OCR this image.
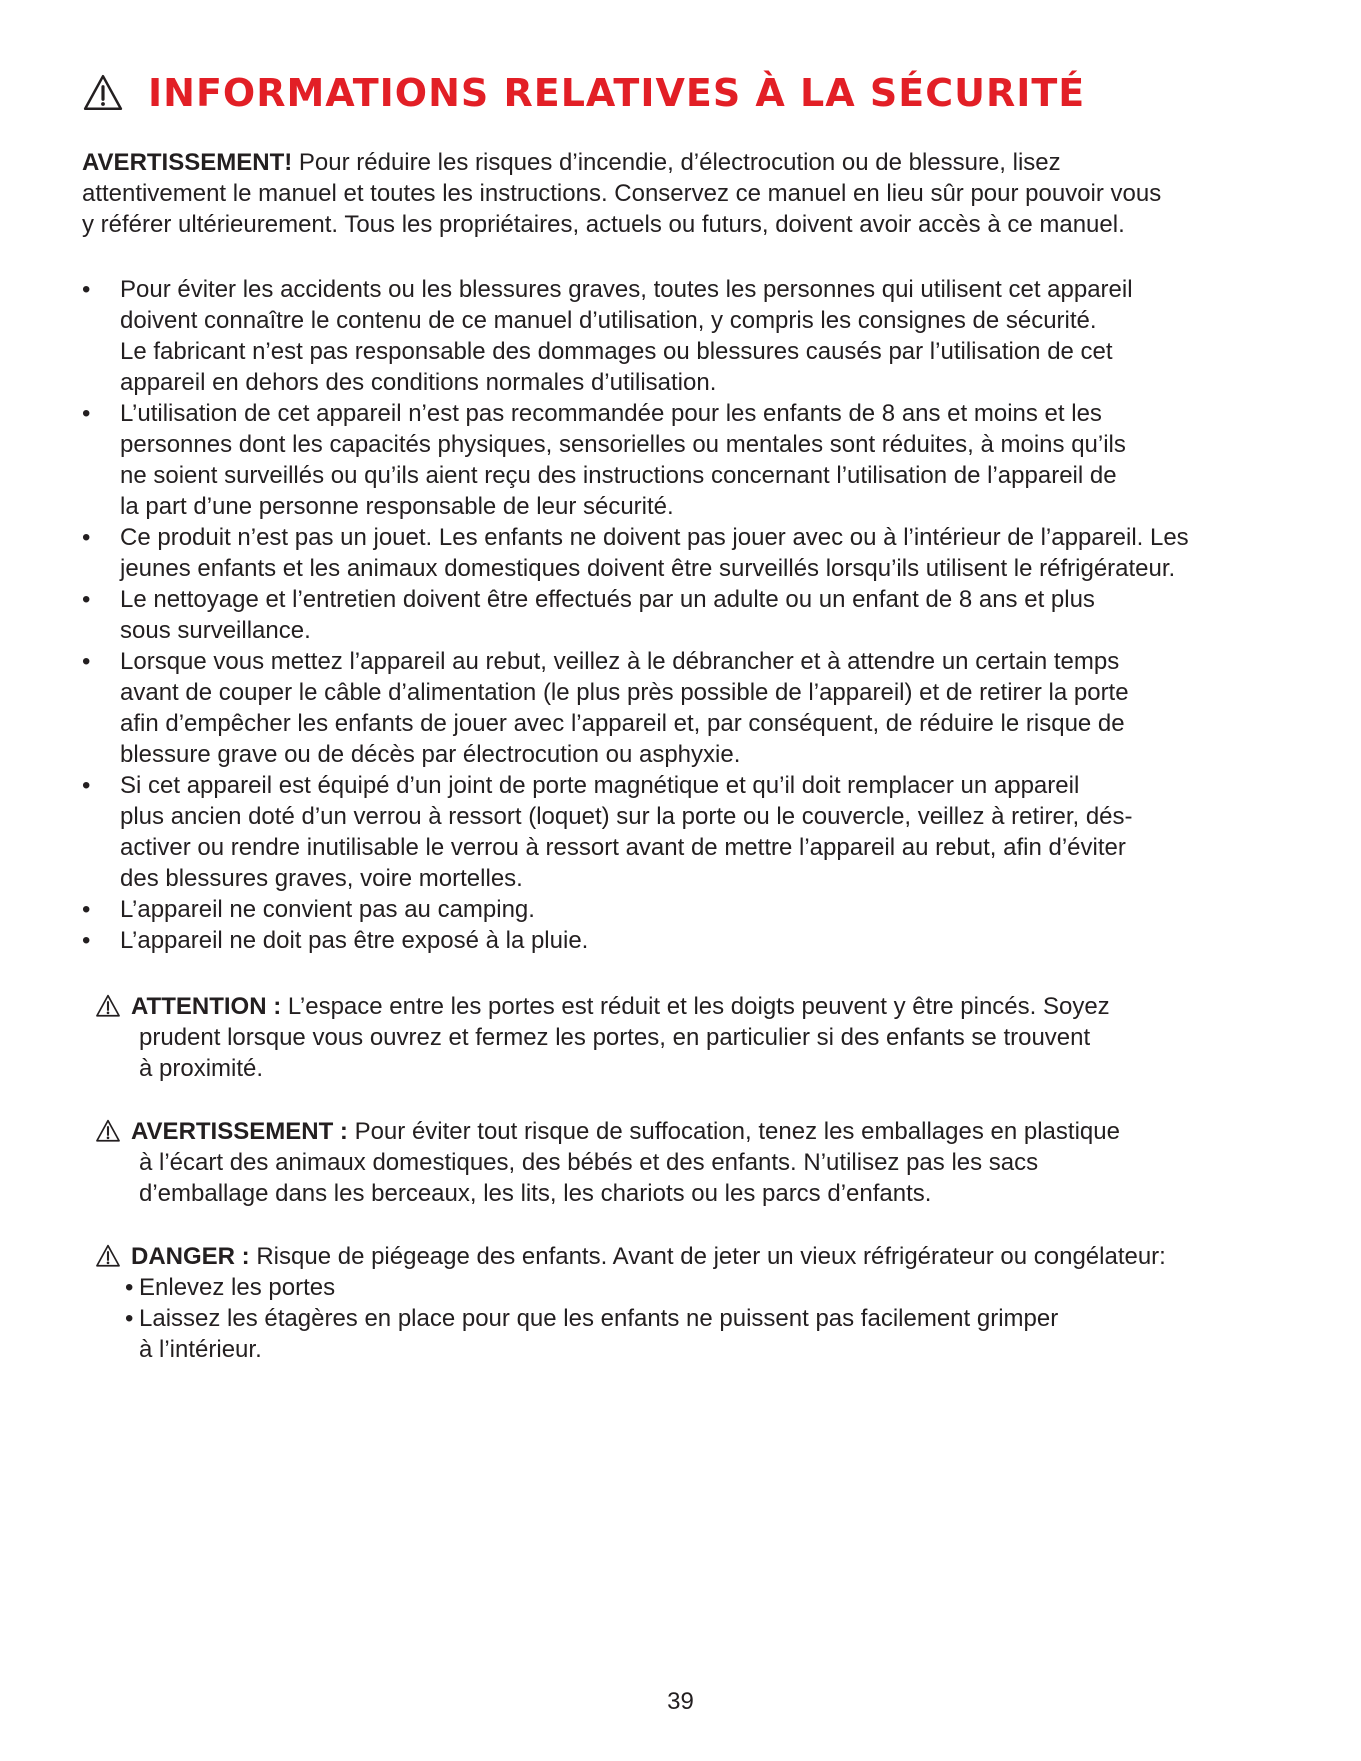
INFORMATIONS RELATIVES À LA SÉCURITÉ
AVERTISSEMENT! Pour réduire les risques d’incendie, d’électrocution ou de blessure, lisez
attentivement le manuel et toutes les instructions. Conservez ce manuel en lieu sûr pour pouvoir vous
y référer ultérieurement. Tous les propriétaires, actuels ou futurs, doivent avoir accès à ce manuel.
• Pour éviter les accidents ou les blessures graves, toutes les personnes qui utilisent cet appareil
doivent connaître le contenu de ce manuel d’utilisation, y compris les consignes de sécurité.
Le fabricant n’est pas responsable des dommages ou blessures causés par l’utilisation de cet
appareil en dehors des conditions normales d’utilisation.
• L’utilisation de cet appareil n’est pas recommandée pour les enfants de 8 ans et moins et les
personnes dont les capacités physiques, sensorielles ou mentales sont réduites, à moins qu’ils
ne soient surveillés ou qu’ils aient reçu des instructions concernant l’utilisation de l’appareil de
la part d’une personne responsable de leur sécurité.
• Ce produit n’est pas un jouet. Les enfants ne doivent pas jouer avec ou à l’intérieur de l’appareil. Les
jeunes enfants et les animaux domestiques doivent être surveillés lorsqu’ils utilisent le réfrigérateur.
• Le nettoyage et l’entretien doivent être effectués par un adulte ou un enfant de 8 ans et plus
sous surveillance.
• Lorsque vous mettez l’appareil au rebut, veillez à le débrancher et à attendre un certain temps
avant de couper le câble d’alimentation (le plus près possible de l’appareil) et de retirer la porte
afin d’empêcher les enfants de jouer avec l’appareil et, par conséquent, de réduire le risque de
blessure grave ou de décès par électrocution ou asphyxie.
• Si cet appareil est équipé d’un joint de porte magnétique et qu’il doit remplacer un appareil
plus ancien doté d’un verrou à ressort (loquet) sur la porte ou le couvercle, veillez à retirer, dés-
activer ou rendre inutilisable le verrou à ressort avant de mettre l’appareil au rebut, afin d’éviter
des blessures graves, voire mortelles.
• L’appareil ne convient pas au camping.
• L’appareil ne doit pas être exposé à la pluie.
ATTENTION : L’espace entre les portes est réduit et les doigts peuvent y être pincés. Soyez
prudent lorsque vous ouvrez et fermez les portes, en particulier si des enfants se trouvent
à proximité.
AVERTISSEMENT : Pour éviter tout risque de suffocation, tenez les emballages en plastique
à l’écart des animaux domestiques, des bébés et des enfants. N’utilisez pas les sacs
d’emballage dans les berceaux, les lits, les chariots ou les parcs d’enfants.
DANGER : Risque de piégeage des enfants. Avant de jeter un vieux réfrigérateur ou congélateur:
• Enlevez les portes
• Laissez les étagères en place pour que les enfants ne puissent pas facilement grimper
à l’intérieur.
39
